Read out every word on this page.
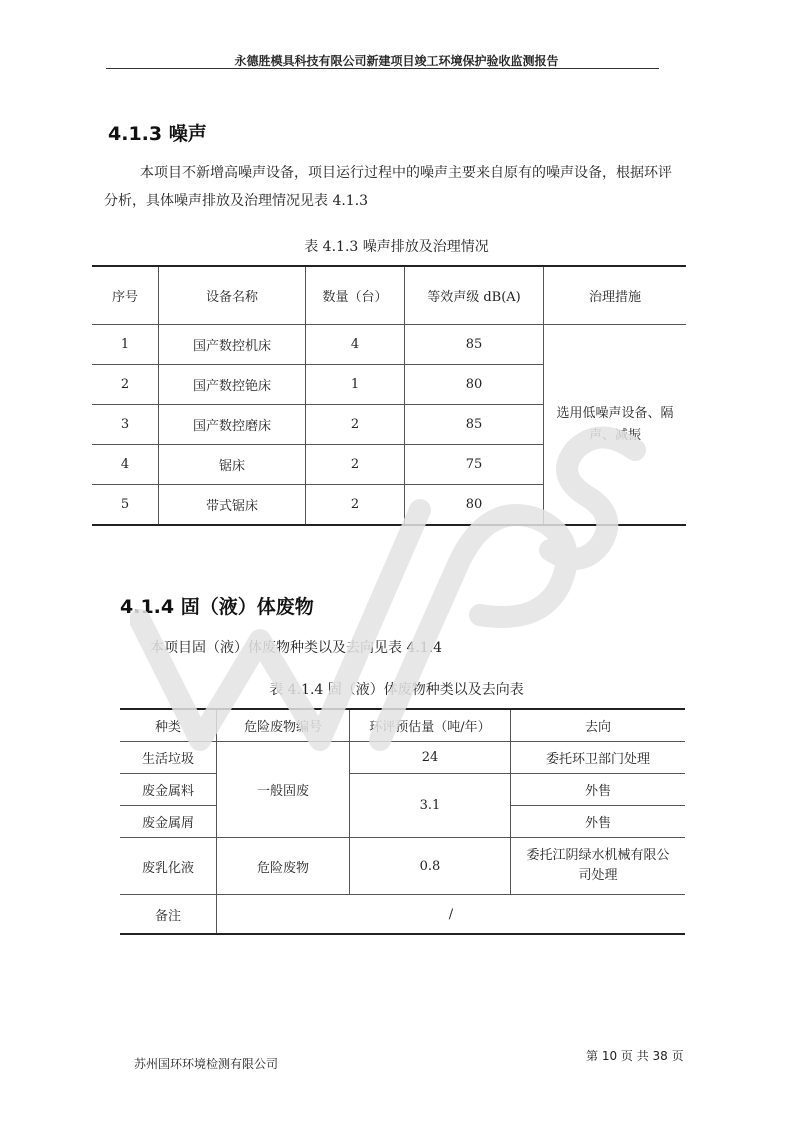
永德胜模具科技有限公司新建项目竣工环境保护验收监测报告
4.1.3 噪声
本项目不新增高噪声设备，项目运行过程中的噪声主要来自原有的噪声设备，根据环评分析，具体噪声排放及治理情况见表 4.1.3
表 4.1.3 噪声排放及治理情况
序号	设备名称	数量（台）	等效声级 dB(A)	治理措施
1	国产数控机床	4	85	选用低噪声设备、隔声、减振
2	国产数控铯床	1	80	
3	国产数控磨床	2	85	
4	锯床	2	75	
5	带式锯床	2	80	
4.1.4 固（液）体废物
本项目固（液）体废物种类以及去向见表 4.1.4
表 4.1.4 固（液）体废物种类以及去向表
种类	危险废物编号	环评预估量（吨/年）	去向
生活垃圾	一般固废	24	委托环卫部门处理
废金属料		3.1	外售
废金属屑			外售
废乳化液	危险废物	0.8	委托江阴绿水机械有限公司处理
备注	/		
苏州国环环境检测有限公司
第 10 页 共 38 页
